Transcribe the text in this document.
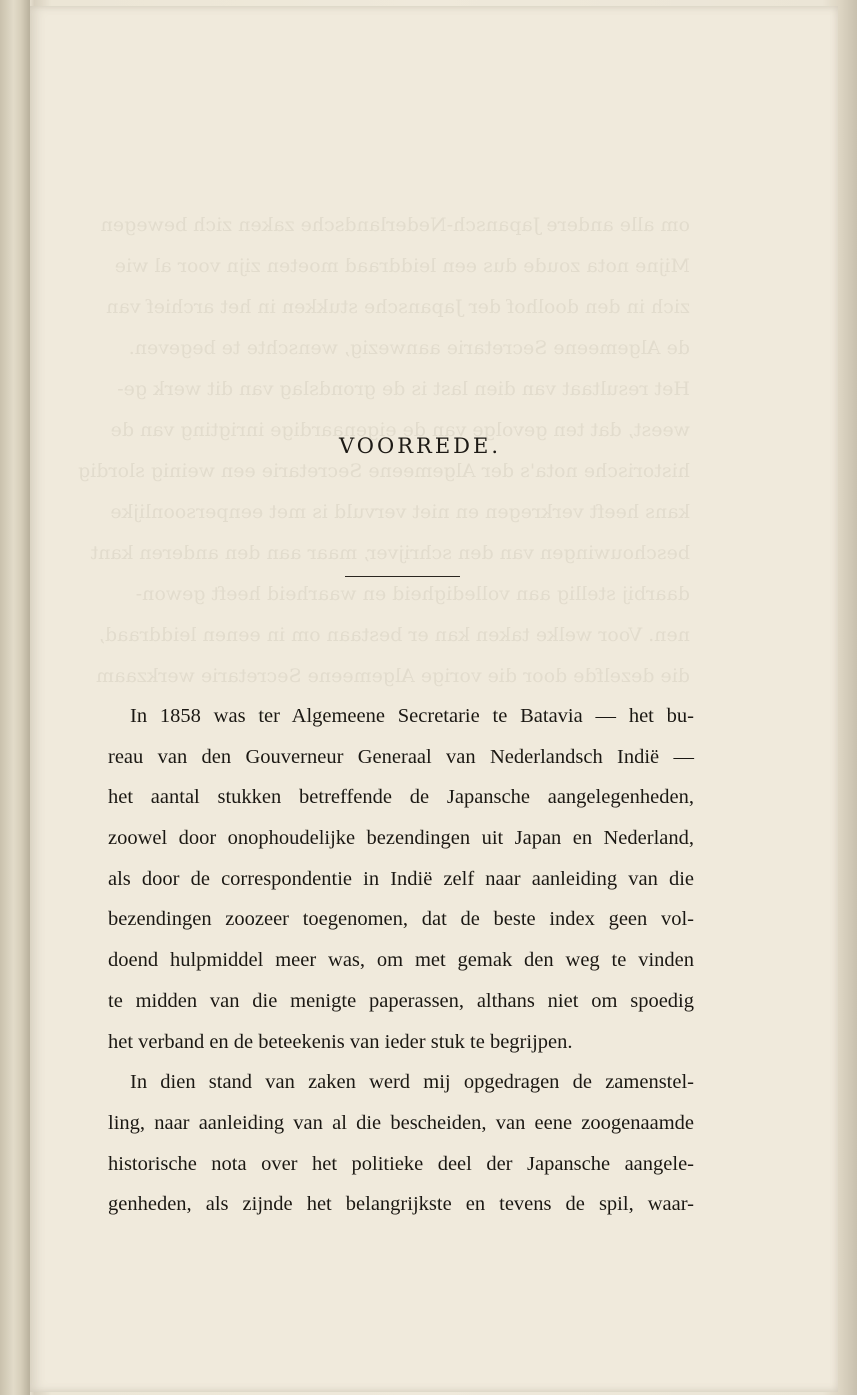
om alle andere Japansch-Nederlandsche zaken zich
Mijne nota zoude dus een leiddraad moeten zijn voor al
zich in den doolhof der Japansche stukken in het archief
de Algemeene Secretarie aanwezig, wenschte te begeven.
Het resultaat van dien last is de grondslag van dit werk
weest, dat ten gevolge van de eigenaardige inrigting van
historische nota's der Algemeene Secretarie een weinig
kans heeft verkregen en niet vervuld is met eenpersoonlijke
beschouwingen van den schrijver, maar aan den anderen
daarbij stellig aan volledigheid en waarheid heeft gewon-
nen. Voor welke taken kan er bestaan om in eenen
die dezelfde door die vorige Algemeene Secretarie
VOORREDE.
In 1858 was ter Algemeene Secretarie te Batavia — het bu-
reau van den Gouverneur Generaal van Nederlandsch Indië —
het aantal stukken betreffende de Japansche aangelegenheden,
zoowel door onophoudelijke bezendingen uit Japan en Nederland,
als door de correspondentie in Indië zelf naar aanleiding van die
bezendingen zoozeer toegenomen, dat de beste index geen vol-
doend hulpmiddel meer was, om met gemak den weg te vinden
te midden van die menigte paperassen, althans niet om spoedig
het verband en de beteekenis van ieder stuk te begrijpen.
In dien stand van zaken werd mij opgedragen de zamenstel-
ling, naar aanleiding van al die bescheiden, van eene zoogenaamde
historische nota over het politieke deel der Japansche aangele-
genheden, als zijnde het belangrijkste en tevens de spil, waar-
